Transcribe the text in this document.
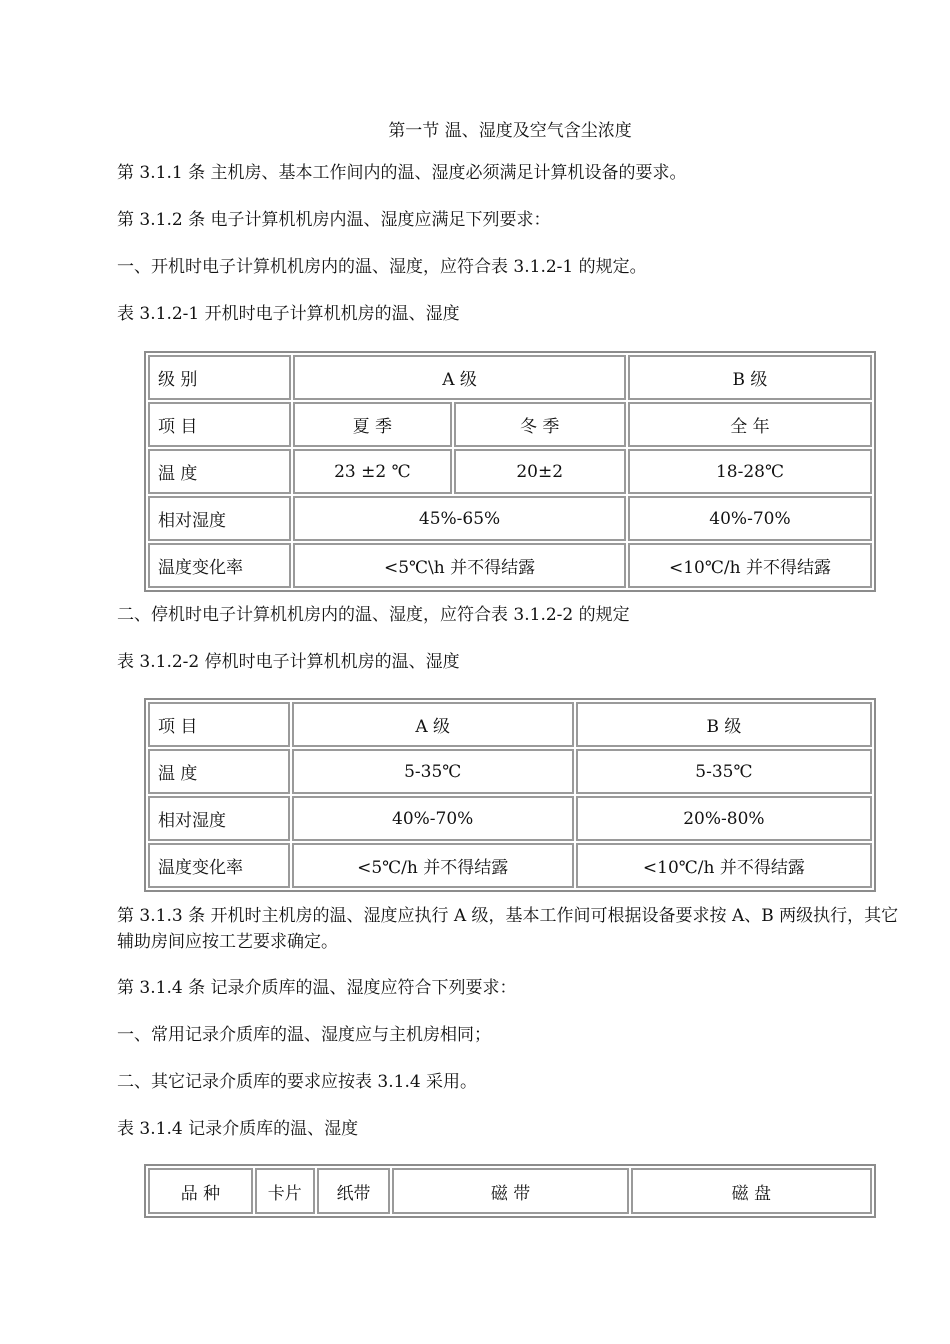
第一节 温、湿度及空气含尘浓度
第 3.1.1 条 主机房、基本工作间内的温、湿度必须满足计算机设备的要求。
第 3.1.2 条 电子计算机机房内温、湿度应满足下列要求：
一、开机时电子计算机机房内的温、湿度，应符合表 3.1.2-1 的规定。
表 3.1.2-1 开机时电子计算机机房的温、湿度
级 别	A 级		B 级
项 目	夏 季	冬 季	全 年
温 度	23 ±2 ℃	20±2	18-28℃
相对湿度	45%-65%		40%-70%
温度变化率	<5℃\h 并不得结露		<10℃/h 并不得结露
二、停机时电子计算机机房内的温、湿度，应符合表 3.1.2-2 的规定
表 3.1.2-2 停机时电子计算机机房的温、湿度
项 目	A 级	B 级
温 度	5-35℃	5-35℃
相对湿度	40%-70%	20%-80%
温度变化率	<5℃/h 并不得结露	<10℃/h 并不得结露
第 3.1.3 条 开机时主机房的温、湿度应执行 A 级，基本工作间可根据设备要求按 A、B 两级执行，其它辅助房间应按工艺要求确定。
第 3.1.4 条 记录介质库的温、湿度应符合下列要求：
一、常用记录介质库的温、湿度应与主机房相同；
二、其它记录介质库的要求应按表 3.1.4 采用。
表 3.1.4 记录介质库的温、湿度
品 种	卡片	纸带	磁 带	磁 盘
